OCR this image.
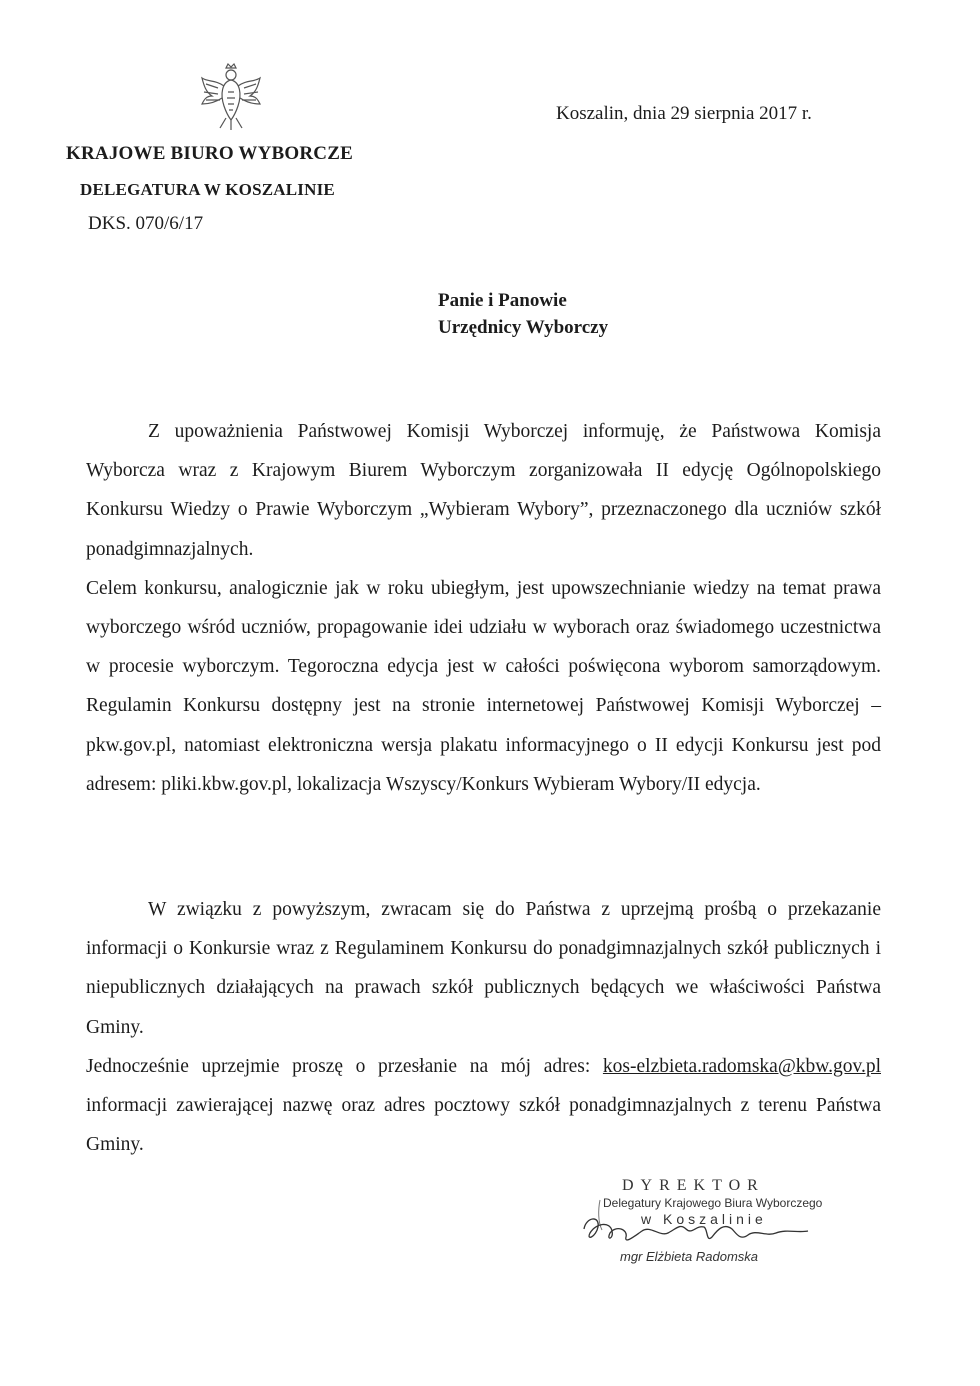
Koszalin, dnia 29 sierpnia 2017 r.
KRAJOWE BIURO WYBORCZE
DELEGATURA W KOSZALINIE
DKS. 070/6/17
Panie i Panowie
Urzędnicy Wyborczy

Z upoważnienia Państwowej Komisji Wyborczej informuję, że Państwowa Komisja Wyborcza wraz z Krajowym Biurem Wyborczym zorganizowała II edycję Ogólnopolskiego Konkursu Wiedzy o Prawie Wyborczym „Wybieram Wybory”, przeznaczonego dla uczniów szkół ponadgimnazjalnych.

Celem konkursu, analogicznie jak w roku ubiegłym, jest upowszechnianie wiedzy na temat prawa wyborczego wśród uczniów, propagowanie idei udziału w wyborach oraz świadomego uczestnictwa w procesie wyborczym. Tegoroczna edycja jest w całości poświęcona wyborom samorządowym. Regulamin Konkursu dostępny jest na stronie internetowej Państwowej Komisji Wyborczej – pkw.gov.pl, natomiast elektroniczna wersja plakatu informacyjnego o II edycji Konkursu jest pod adresem: pliki.kbw.gov.pl, lokalizacja Wszyscy/Konkurs Wybieram Wybory/II edycja.

W związku z powyższym, zwracam się do Państwa z uprzejmą prośbą o przekazanie informacji o Konkursie wraz z Regulaminem Konkursu do ponadgimnazjalnych szkół publicznych i niepublicznych działających na prawach szkół publicznych będących we właściwości Państwa Gminy.

Jednocześnie uprzejmie proszę o przesłanie na mój adres: kos-elzbieta.radomska@kbw.gov.pl informacji zawierającej nazwę oraz adres pocztowy szkół ponadgimnazjalnych z terenu Państwa Gminy.

DYREKTOR
Delegatury Krajowego Biura Wyborczego
w Koszalinie
mgr Elżbieta Radomska
